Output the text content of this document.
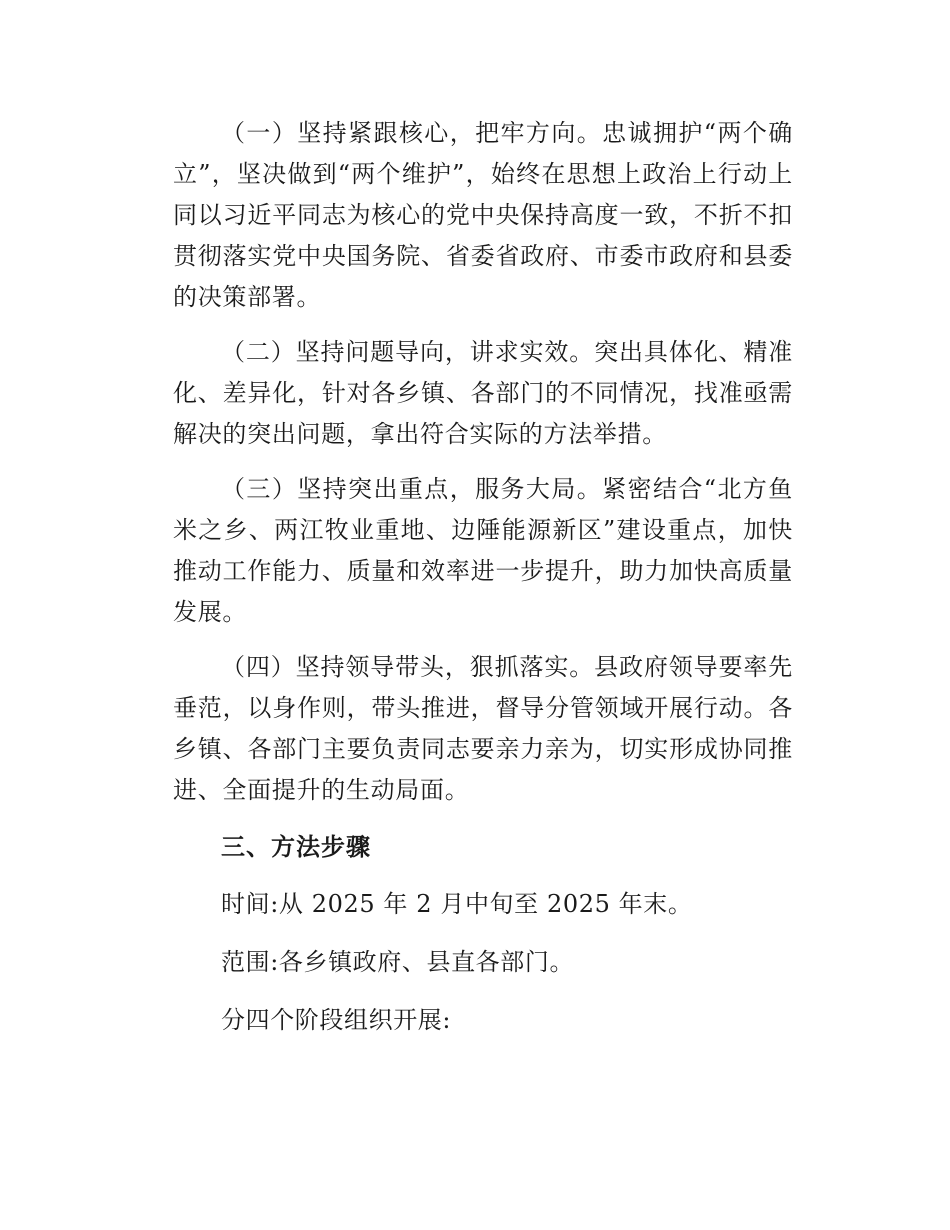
（一）坚持紧跟核心，把牢方向。忠诚拥护“两个确立”，坚决做到“两个维护”，始终在思想上政治上行动上同以习近平同志为核心的党中央保持高度一致，不折不扣贯彻落实党中央国务院、省委省政府、市委市政府和县委的决策部署。

（二）坚持问题导向，讲求实效。突出具体化、精准化、差异化，针对各乡镇、各部门的不同情况，找准亟需解决的突出问题，拿出符合实际的方法举措。

（三）坚持突出重点，服务大局。紧密结合“北方鱼米之乡、两江牧业重地、边陲能源新区”建设重点，加快推动工作能力、质量和效率进一步提升，助力加快高质量发展。

（四）坚持领导带头，狠抓落实。县政府领导要率先垂范，以身作则，带头推进，督导分管领域开展行动。各乡镇、各部门主要负责同志要亲力亲为，切实形成协同推进、全面提升的生动局面。

三、方法步骤

时间:从 2025 年 2 月中旬至 2025 年末。

范围:各乡镇政府、县直各部门。

分四个阶段组织开展:
